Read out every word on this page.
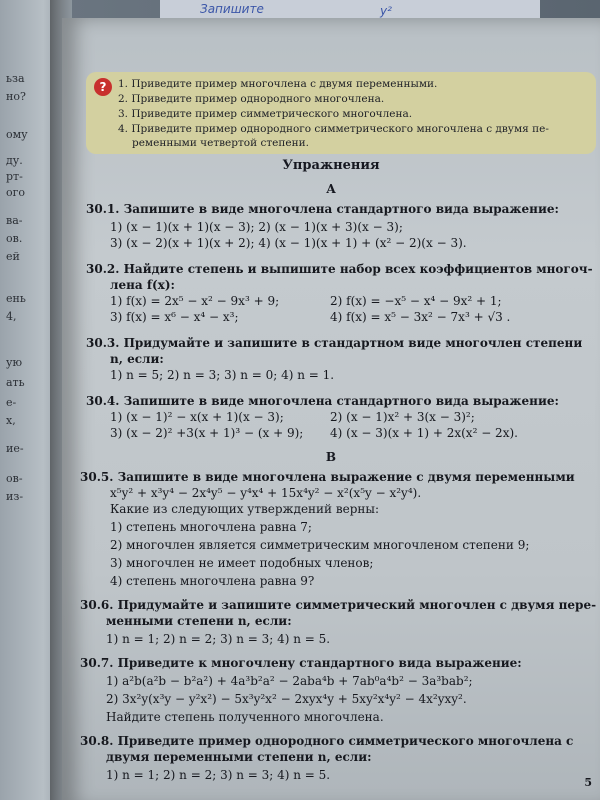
ьза
но?
ому
ду.
рт-
ого
вa-
ов.
ей
ень
4,
ую
ать
е-
х,
ие-
ов-
из-
Запишите	y²
?	1. Приведите пример многочлена с двумя переменными.
2. Приведите пример однородного многочлена.
3. Приведите пример симметрического многочлена.
4. Приведите пример однородного симметрического многочлена с двумя пе-
ременными четвертой степени.
Упражнения
A
30.1. Запишите в виде многочлена стандартного вида выражение:
1) (x − 1)(x + 1)(x − 3); 2) (x − 1)(x + 3)(x − 3);
3) (x − 2)(x + 1)(x + 2); 4) (x − 1)(x + 1) + (x² − 2)(x − 3).
30.2. Найдите степень и выпишите набор всех коэффициентов многоч-
лена f(x):
1) f(x) = 2x⁵ − x² − 9x³ + 9;	2) f(x) = −x⁵ − x⁴ − 9x² + 1;
3) f(x) = x⁶ − x⁴ − x³;	4) f(x) = x⁵ − 3x² − 7x³ + √3 .
30.3. Придумайте и запишите в стандартном виде многочлен степени
n, если:
1) n = 5; 2) n = 3; 3) n = 0; 4) n = 1.
30.4. Запишите в виде многочлена стандартного вида выражение:
1) (x − 1)² − x(x + 1)(x − 3);	2) (x − 1)x² + 3(x − 3)²;
3) (x − 2)² +3(x + 1)³ − (x + 9); 4) (x − 3)(x + 1) + 2x(x² − 2x).
B
30.5. Запишите в виде многочлена выражение с двумя переменными
x⁵y² + x³y⁴ − 2x⁴y⁵ − y⁴x⁴ + 15x⁴y² − x²(x⁵y − x²y⁴).
Какие из следующих утверждений верны:
1) степень многочлена равна 7;
2) многочлен является симметрическим многочленом степени 9;
3) многочлен не имеет подобных членов;
4) степень многочлена равна 9?
30.6. Придумайте и запишите симметрический многочлен с двумя пере-
менными степени n, если:
1) n = 1; 2) n = 2; 3) n = 3; 4) n = 5.
30.7. Приведите к многочлену стандартного вида выражение:
1) a²b(a²b − b²a²) + 4a³b²a² − 2aba⁴b + 7ab⁰a⁴b² − 3a³bab²;
2) 3x²y(x³y − y²x²) − 5x³y²x² − 2xyx⁴y + 5xy²x⁴y² − 4x²yxy².
Найдите степень полученного многочлена.
30.8. Приведите пример однородного симметрического многочлена с
двумя переменными степени n, если:
1) n = 1; 2) n = 2; 3) n = 3; 4) n = 5.
5
